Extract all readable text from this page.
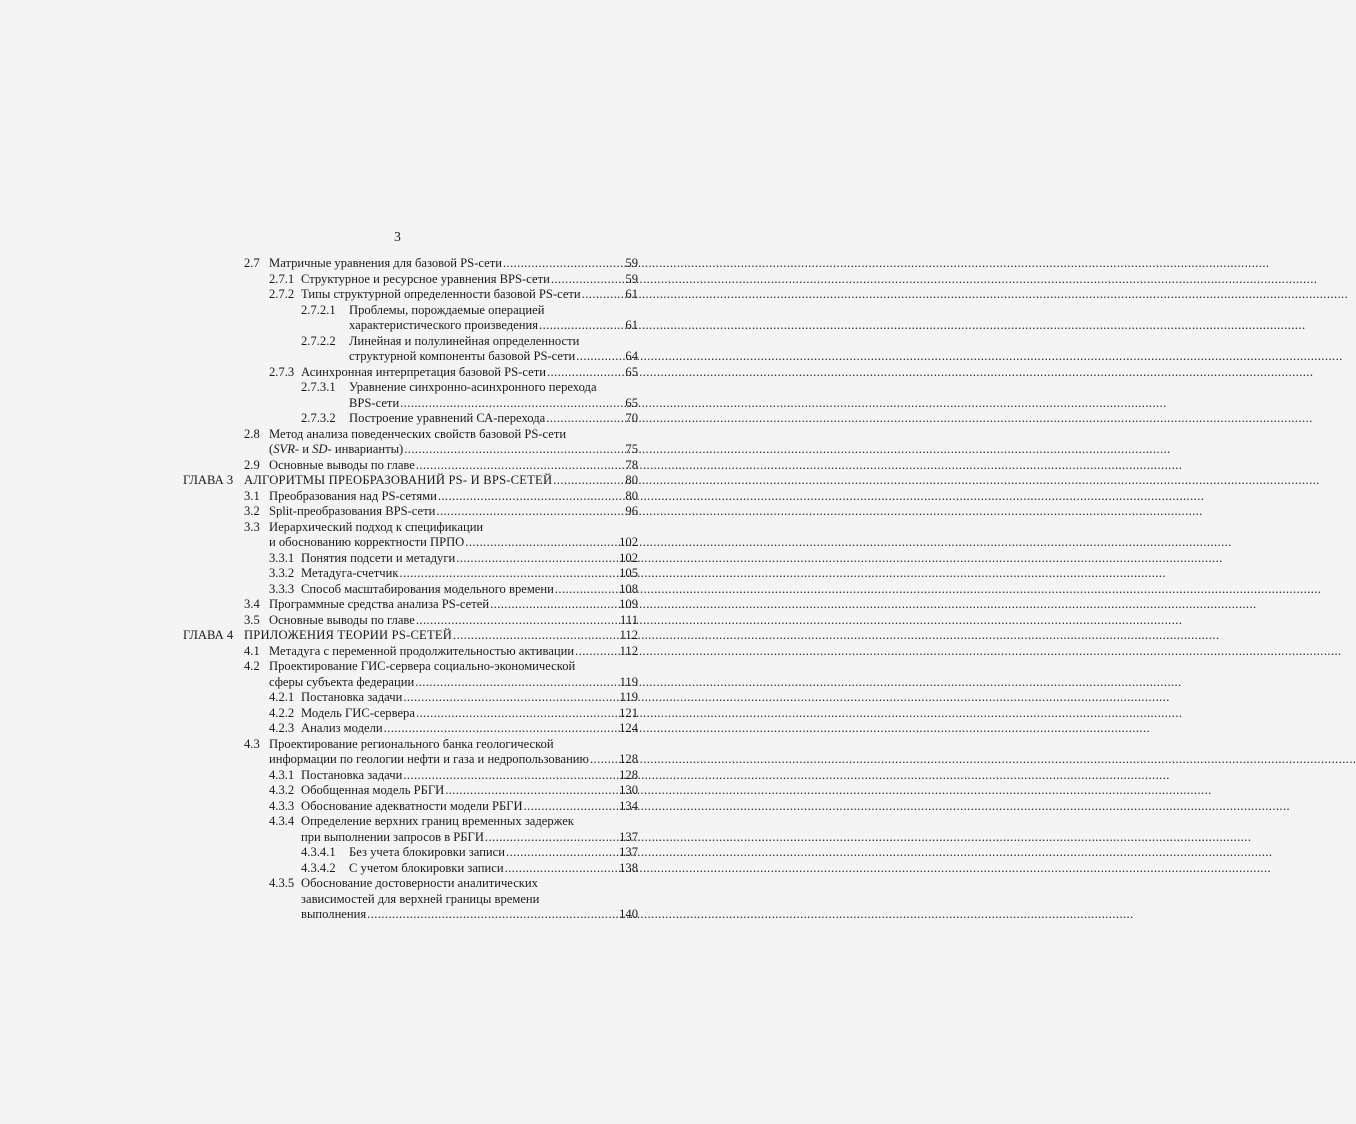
3
2.7 Матричные уравнения для базовой PS-сети .....	59
2.7.1 Структурное и ресурсное уравнения BPS-сети .....	59
2.7.2 Типы структурной определенности базовой PS-сети .....	61
2.7.2.1 Проблемы, порождаемые операцией
характеристического произведения .....	61
2.7.2.2 Линейная и полулинейная определенности
структурной компоненты базовой PS-сети .....	64
2.7.3 Асинхронная интерпретация базовой PS-сети .....	65
2.7.3.1 Уравнение синхронно-асинхронного перехода
BPS-сети .....	65
2.7.3.2 Построение уравнений СА-перехода .....	70
2.8 Метод анализа поведенческих свойств базовой PS-сети
(SVR- и SD- инварианты) .....	75
2.9 Основные выводы по главе .....	78
ГЛАВА 3 АЛГОРИТМЫ ПРЕОБРАЗОВАНИЙ PS- И BPS-СЕТЕЙ .....	80
3.1 Преобразования над PS-сетями .....	80
3.2 Split-преобразования BPS-сети .....	96
3.3 Иерархический подход к спецификации
и обоснованию корректности ПРПО .....	102
3.3.1 Понятия подсети и метадуги .....	102
3.3.2 Метадуга-счетчик .....	105
3.3.3 Способ масштабирования модельного времени .....	108
3.4 Программные средства анализа PS-сетей .....	109
3.5 Основные выводы по главе .....	111
ГЛАВА 4 ПРИЛОЖЕНИЯ ТЕОРИИ PS-СЕТЕЙ .....	112
4.1 Метадуга с переменной продолжительностью активации .....	112
4.2 Проектирование ГИС-сервера социально-экономической
сферы субъекта федерации .....	119
4.2.1 Постановка задачи .....	119
4.2.2 Модель ГИС-сервера .....	121
4.2.3 Анализ модели .....	124
4.3 Проектирование регионального банка геологической
информации по геологии нефти и газа и недропользованию ..... 128
4.3.1 Постановка задачи .....	128
4.3.2 Обобщенная модель РБГИ .....	130
4.3.3 Обоснование адекватности модели РБГИ .....	134
4.3.4 Определение верхних границ временных задержек
при выполнении запросов в РБГИ .....	137
4.3.4.1 Без учета блокировки записи .....	137
4.3.4.2 С учетом блокировки записи .....	138
4.3.5 Обоснование достоверности аналитических
зависимостей для верхней границы времени
выполнения .....	140
